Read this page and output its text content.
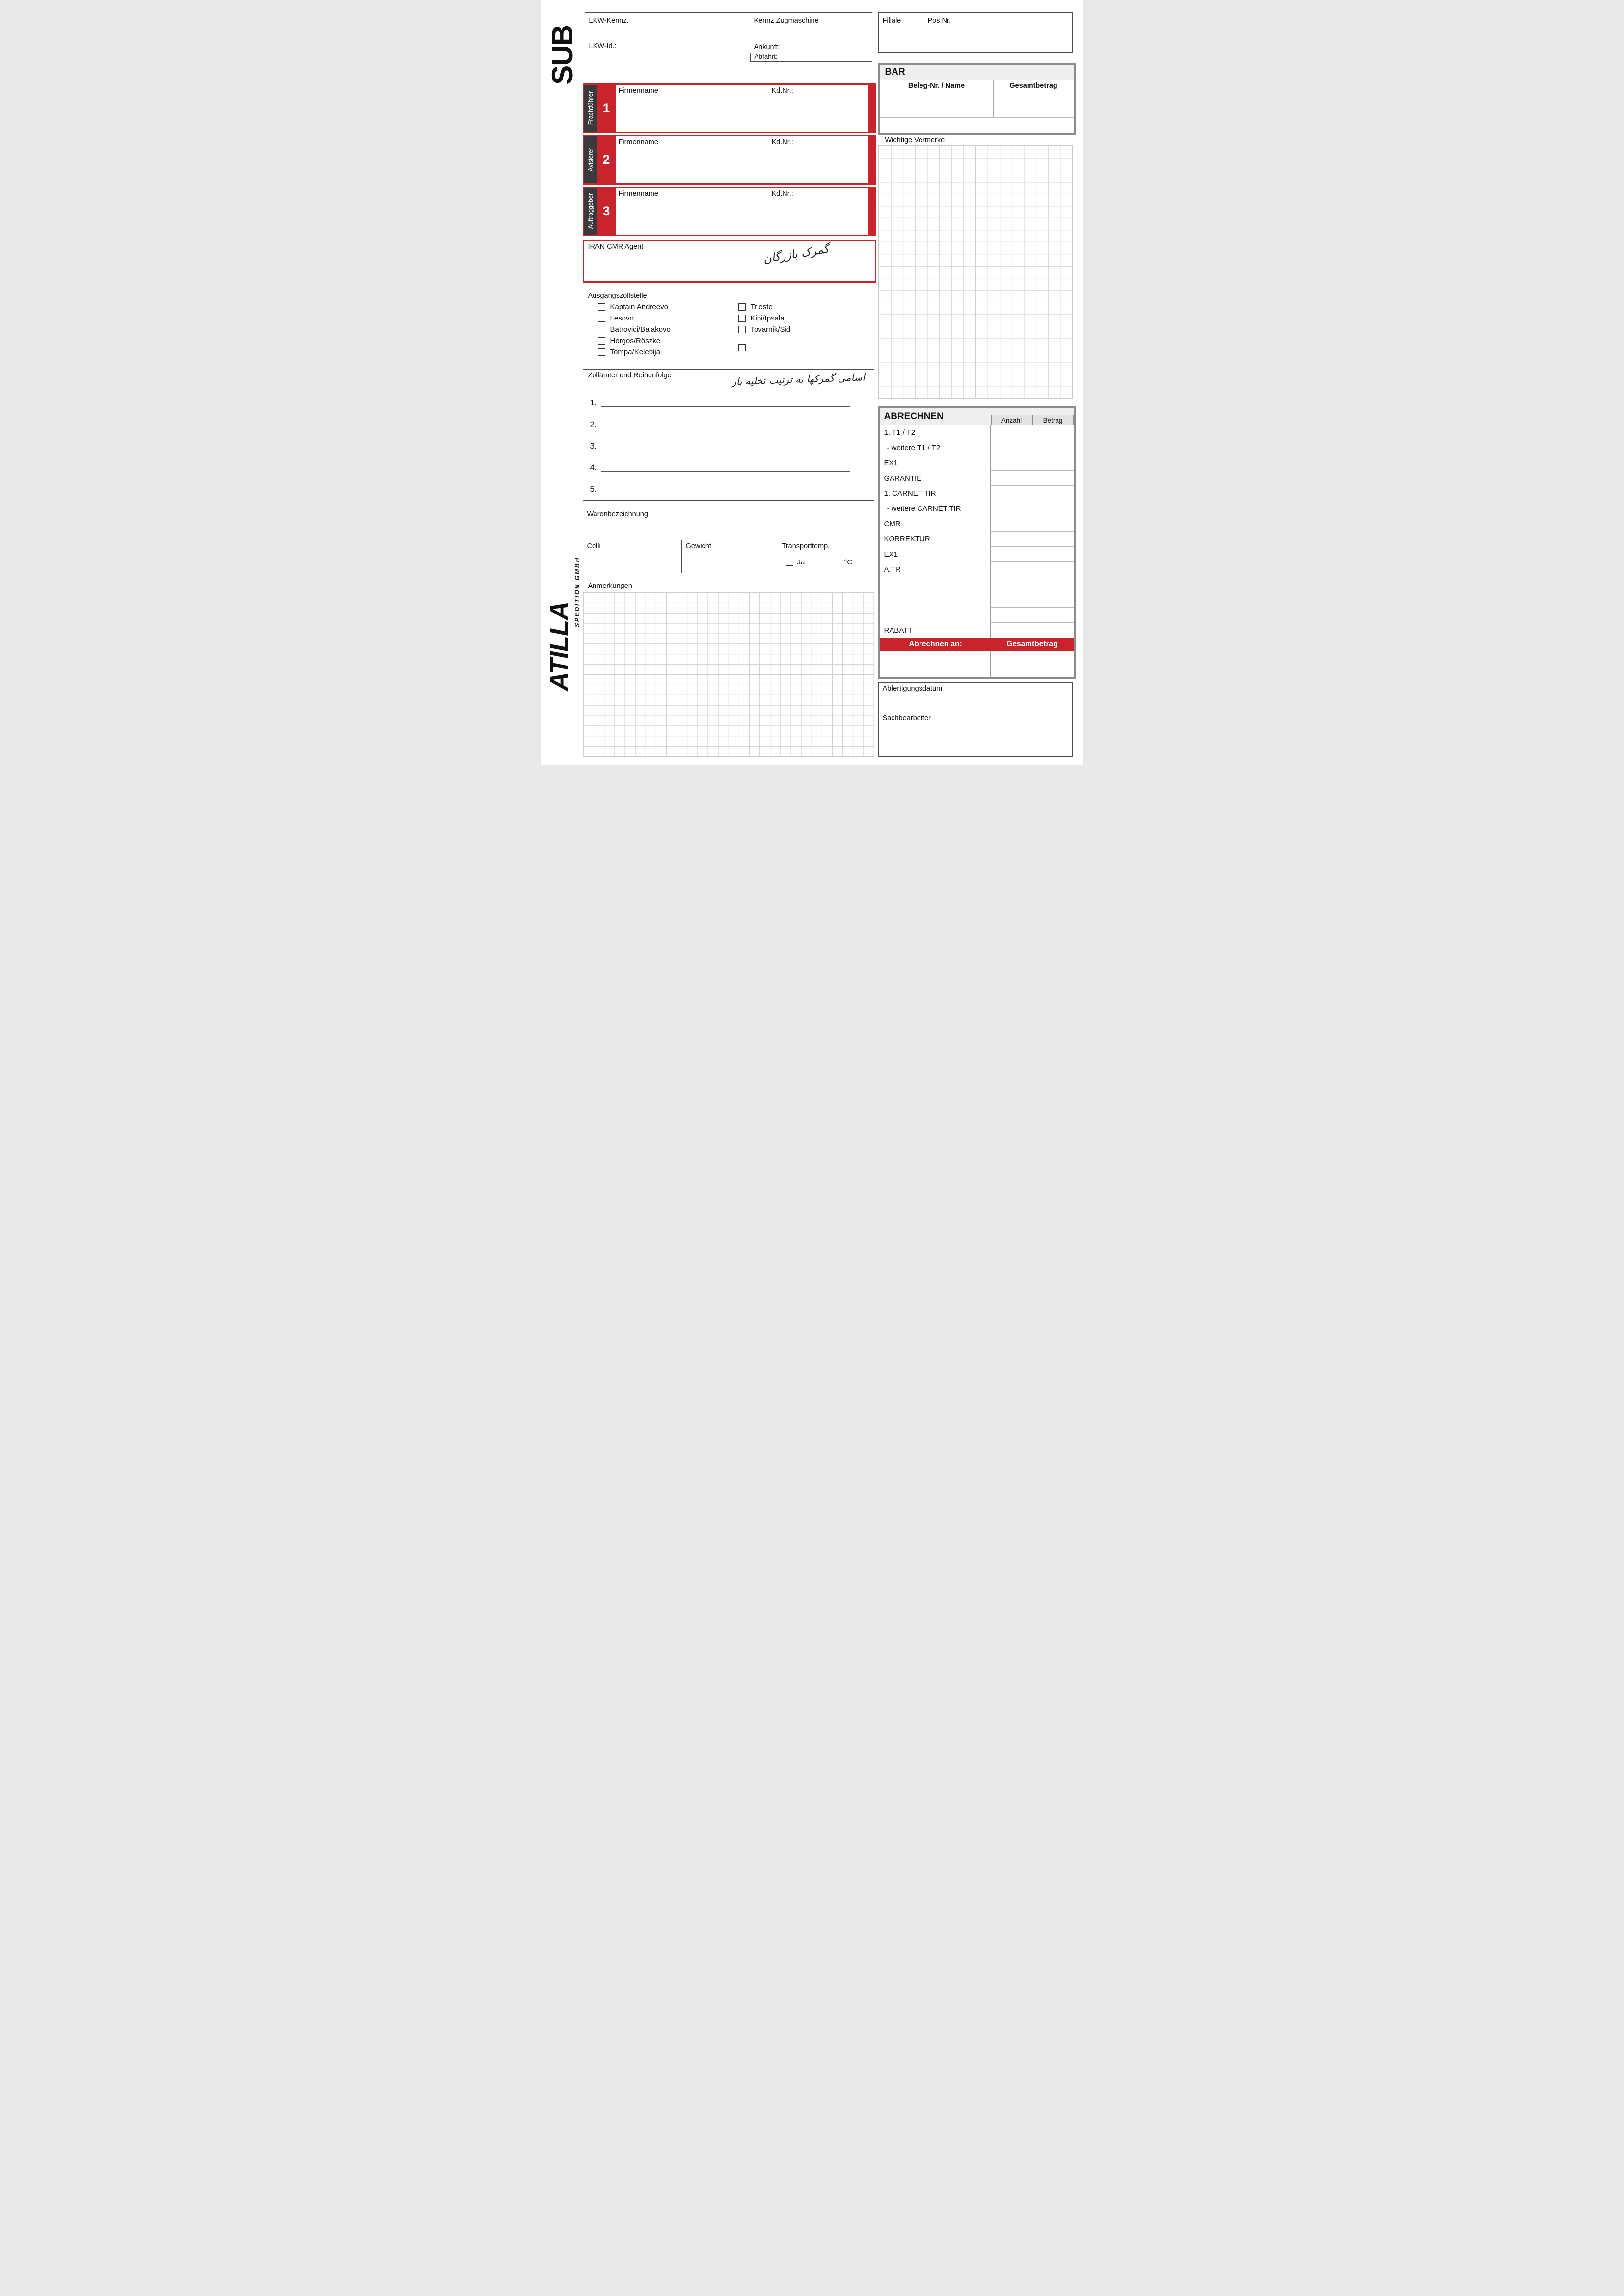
SUB
SPEDITION GMBH
ATILLA
LKW-Kennz.	Kennz.Zugmaschine
LKW-Id.:	Ankunft:
Abfahrt:
Filiale	Pos.Nr.
BAR
Beleg-Nr. / Name	Gesamtbetrag
Frachtführer 1
Firmenname	Kd.Nr.:
Avisierer 2
Firmenname	Kd.Nr.:
Auftraggeber 3
Firmenname	Kd.Nr.:
IRAN CMR Agent	گمرک بازرگان
Ausgangszollstelle
Kaptain Andreevo
Lesovo
Batrovici/Bajakovo
Horgos/Röszke
Tompa/Kelebija
Trieste
Kipi/Ipsala
Tovarnik/Sid
Zollämter und Reihenfolge	اسامی گمرکها به ترتیب تخلیه بار
1.
2.
3.
4.
5.
Warenbezeichnung
Colli	Gewicht	Transporttemp.
Ja	°C
Anmerkungen
Wichtige Vermerke
ABRECHNEN	Anzahl	Betrag
1. T1 / T2
- weitere T1 / T2
EX1
GARANTIE
1. CARNET TIR
- weitere CARNET TIR
CMR
KORREKTUR
EX1
A.TR
RABATT
Abrechnen an:	Gesamtbetrag
Abfertigungsdatum
Sachbearbeiter
